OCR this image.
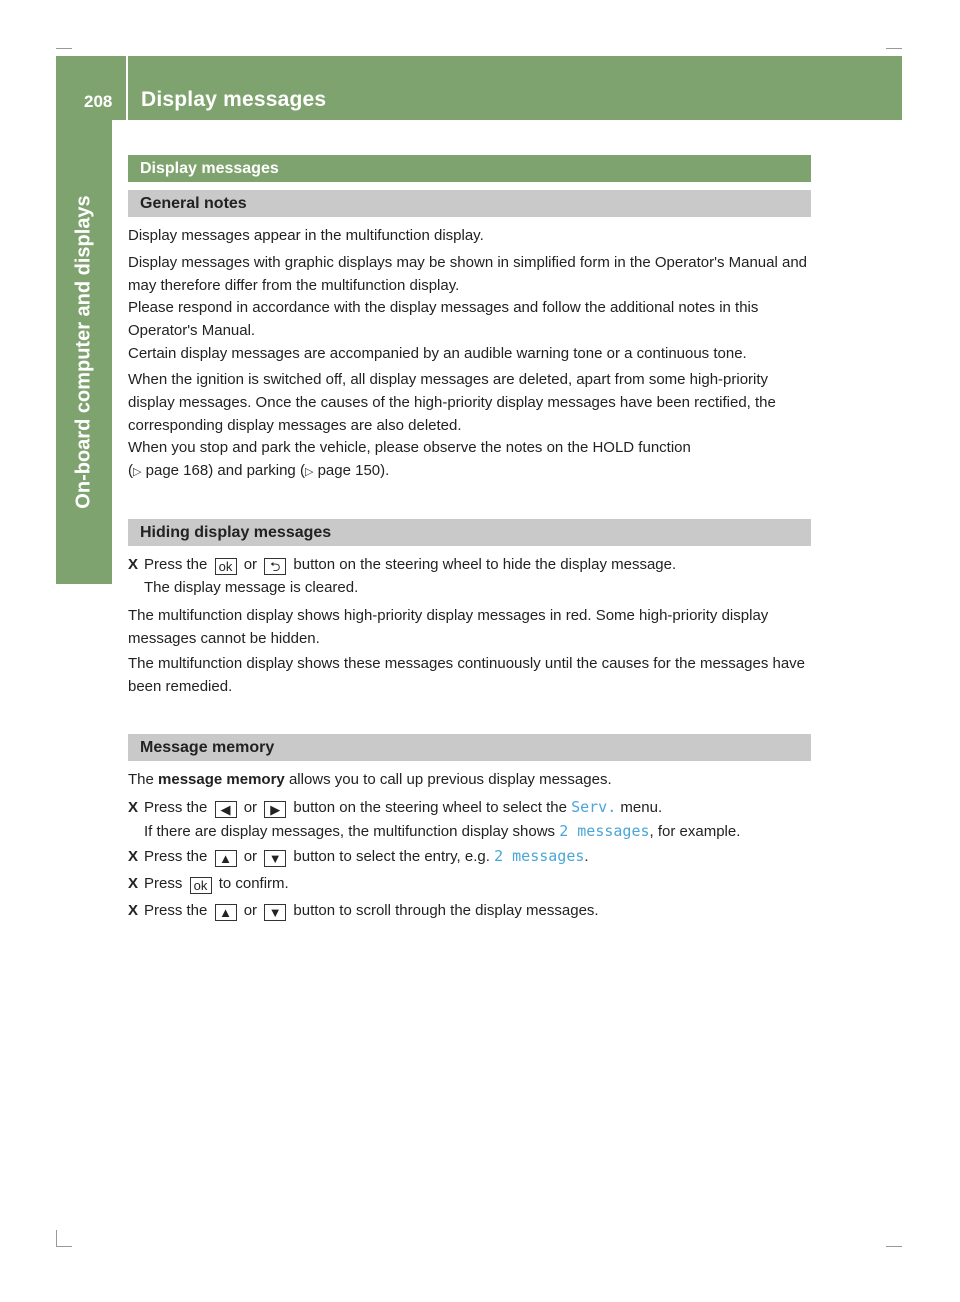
208 Display messages
On-board computer and displays
Display messages
General notes

Display messages appear in the multifunction display.

Display messages with graphic displays may be shown in simplified form in the Operator's Manual and may therefore differ from the multifunction display.

Please respond in accordance with the display messages and follow the additional notes in this Operator's Manual.

Certain display messages are accompanied by an audible warning tone or a continuous tone.

When the ignition is switched off, all display messages are deleted, apart from some high-priority display messages. Once the causes of the high-priority display messages have been rectified, the corresponding display messages are also deleted.

When you stop and park the vehicle, please observe the notes on the HOLD function
(▷ page 168) and parking (▷ page 150).

Hiding display messages

X Press the ok or ⮌ button on the steering wheel to hide the display message.

The display message is cleared.

The multifunction display shows high-priority display messages in red. Some high-priority display messages cannot be hidden.

The multifunction display shows these messages continuously until the causes for the messages have been remedied.

Message memory

The message memory allows you to call up previous display messages.

X Press the ◀ or ▶ button on the steering wheel to select the Serv. menu.

If there are display messages, the multifunction display shows 2 messages, for example.

X Press the ▲ or ▼ button to select the entry, e.g. 2 messages.

X Press ok to confirm.

X Press the ▲ or ▼ button to scroll through the display messages.
